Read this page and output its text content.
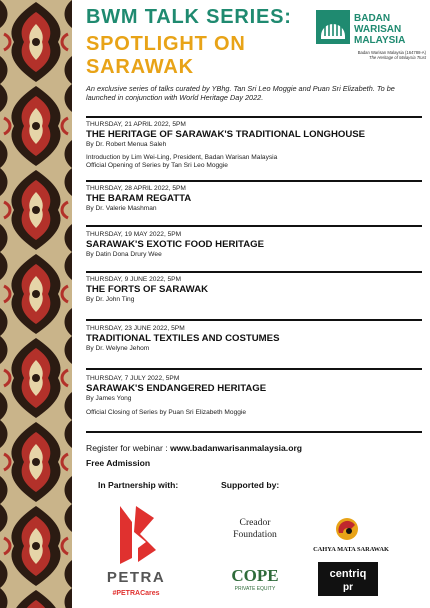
BWM TALK SERIES:
SPOTLIGHT ON
SARAWAK
BADAN
WARISAN
MALAYSIA
Badan Warisan Malaysia (164788-A)
The Heritage of Malaysia Trust
An exclusive series of talks curated by YBhg. Tan Sri Leo Moggie and Puan Sri Elizabeth. To be launched in conjunction with World Heritage Day 2022.
THURSDAY, 21 APRIL 2022, 5PM
THE HERITAGE OF SARAWAK'S TRADITIONAL LONGHOUSE
By Dr. Robert Menua Saleh
Introduction by Lim Wei-Ling, President, Badan Warisan Malaysia
Official Opening of Series by Tan Sri Leo Moggie
THURSDAY, 28 APRIL 2022, 5PM
THE BARAM REGATTA
By Dr. Valerie Mashman
THURSDAY, 19 MAY 2022, 5PM
SARAWAK'S EXOTIC FOOD HERITAGE
By Datin Dona Drury Wee
THURSDAY, 9 JUNE 2022, 5PM
THE FORTS OF SARAWAK
By Dr. John Ting
THURSDAY, 23 JUNE 2022, 5PM
TRADITIONAL TEXTILES AND COSTUMES
By Dr. Welyne Jehom
THURSDAY, 7 JULY 2022, 5PM
SARAWAK'S ENDANGERED HERITAGE
By James Yong
Official Closing of Series by Puan Sri Elizabeth Moggie
Register for webinar : www.badanwarisanmalaysia.org
Free Admission
In Partnership with:	Supported by:
PETRA
#PETRACares
Creador Foundation
CAHYA MATA SARAWAK
COPE
PRIVATE EQUITY
centriq
pr
